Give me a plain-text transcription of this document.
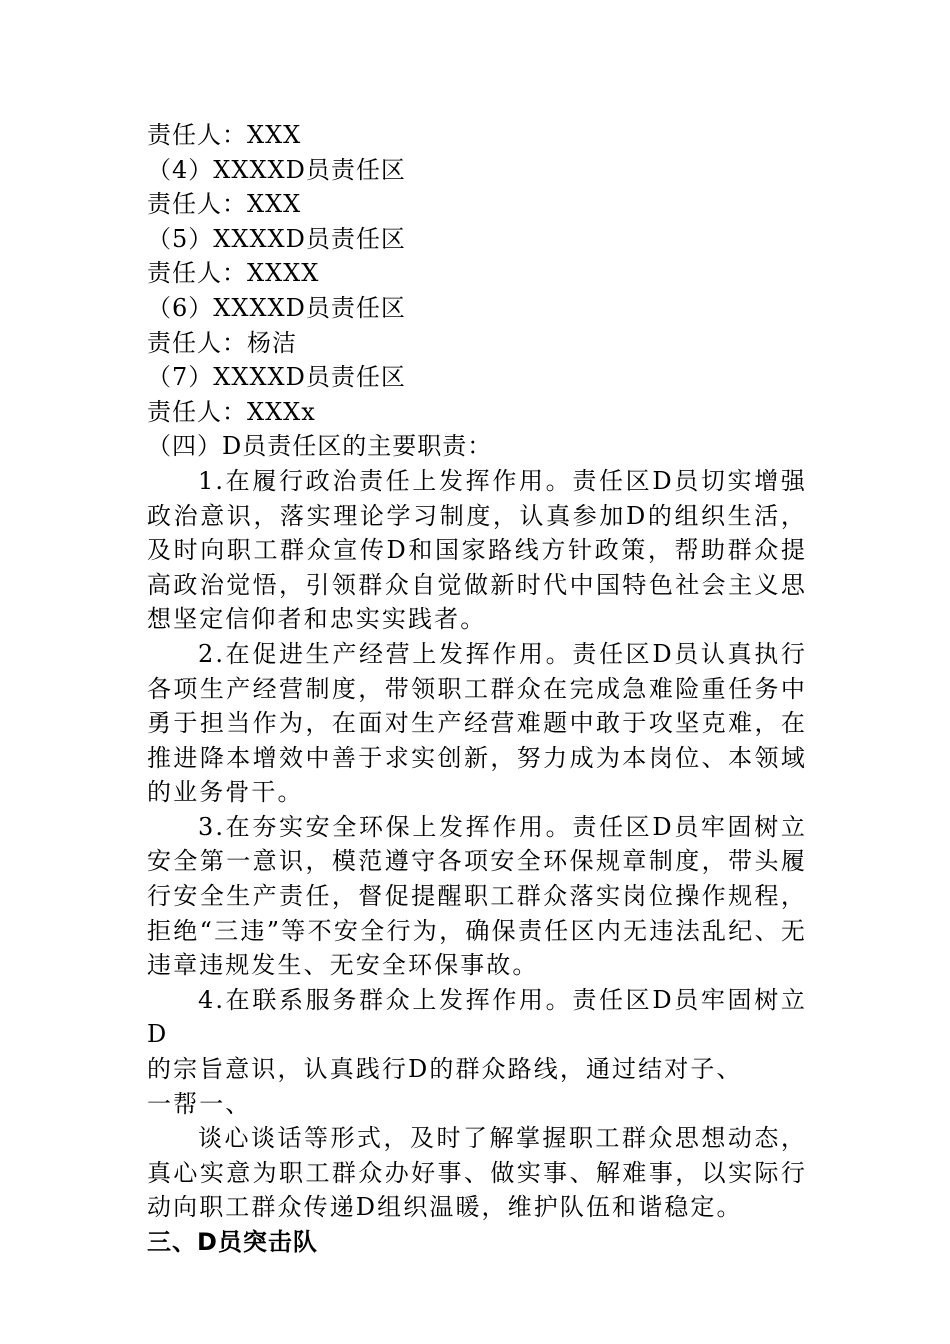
责任人：XXX

（4）XXXXD员责任区

责任人：XXX

（5）XXXXD员责任区

责任人：XXXX

（6）XXXXD员责任区

责任人：杨洁

（7）XXXXD员责任区

责任人：XXXx

（四）D员责任区的主要职责：

1.在履行政治责任上发挥作用。责任区D员切实增强政治意识，落实理论学习制度，认真参加D的组织生活，及时向职工群众宣传D和国家路线方针政策，帮助群众提高政治觉悟，引领群众自觉做新时代中国特色社会主义思想坚定信仰者和忠实实践者。

2.在促进生产经营上发挥作用。责任区D员认真执行各项生产经营制度，带领职工群众在完成急难险重任务中勇于担当作为，在面对生产经营难题中敢于攻坚克难，在推进降本增效中善于求实创新，努力成为本岗位、本领域的业务骨干。

3.在夯实安全环保上发挥作用。责任区D员牢固树立安全第一意识，模范遵守各项安全环保规章制度，带头履行安全生产责任，督促提醒职工群众落实岗位操作规程，拒绝“三违”等不安全行为，确保责任区内无违法乱纪、无违章违规发生、无安全环保事故。

4.在联系服务群众上发挥作用。责任区D员牢固树立D

的宗旨意识，认真践行D的群众路线，通过结对子、

一帮一、

谈心谈话等形式，及时了解掌握职工群众思想动态，真心实意为职工群众办好事、做实事、解难事，以实际行动向职工群众传递D组织温暖，维护队伍和谐稳定。

三、D员突击队
